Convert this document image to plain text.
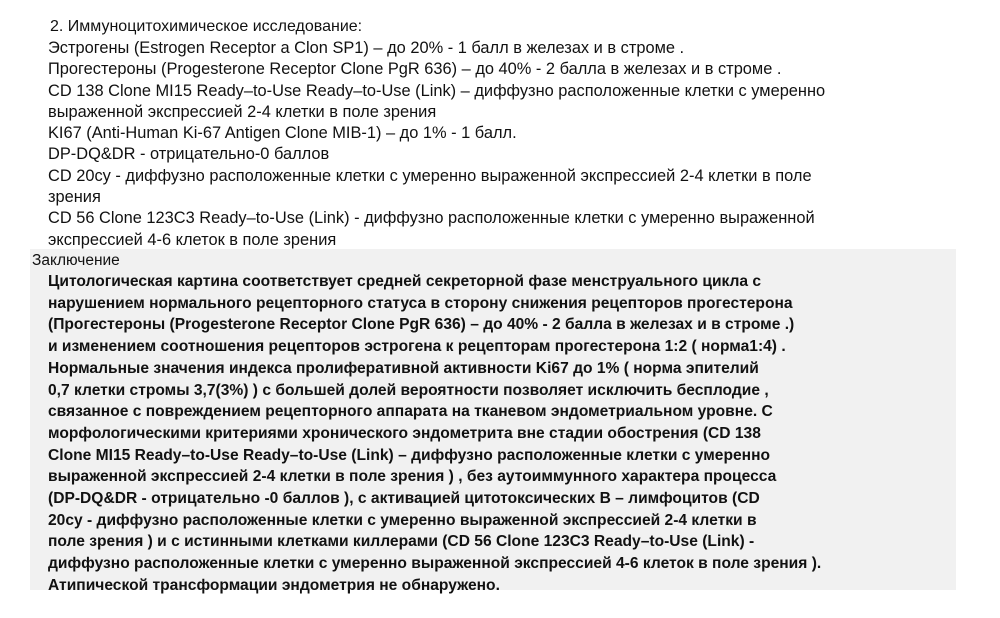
2. Иммуноцитохимическое исследование:
Эстрогены (Estrogen Receptor a Clon SP1) – до 20% - 1 балл в железах и в строме .
Прогестероны (Progesterone Receptor Clone PgR 636) – до 40% - 2 балла в железах и в строме .
CD 138 Clone MI15 Ready–to-Use Ready–to-Use (Link) – диффузно расположенные клетки с умеренно
выраженной экспрессией 2-4 клетки в поле зрения
KI67 (Anti-Human Ki-67 Antigen Clone MIB-1) – до 1% - 1 балл.
DP-DQ&DR - отрицательно-0 баллов
CD 20cy - диффузно расположенные клетки с умеренно выраженной экспрессией 2-4 клетки в поле
зрения
CD 56 Clone 123C3 Ready–to-Use (Link) - диффузно расположенные клетки с умеренно выраженной
экспрессией 4-6 клеток в поле зрения
Заключение
Цитологическая картина соответствует средней секреторной фазе менструального цикла с
нарушением нормального рецепторного статуса в сторону снижения рецепторов прогестерона
(Прогестероны (Progesterone Receptor Clone PgR 636) – до 40% - 2 балла в железах и в строме .)
и изменением соотношения рецепторов эстрогена к рецепторам прогестерона 1:2 ( норма1:4) .
Нормальные значения индекса пролиферативной активности Ki67 до 1% ( норма эпителий
0,7 клетки стромы 3,7(3%) ) с большей долей вероятности позволяет исключить бесплодие ,
связанное с повреждением рецепторного аппарата на тканевом эндометриальном уровне. С
морфологическими критериями хронического эндометрита вне стадии обострения (CD 138
Clone MI15 Ready–to-Use Ready–to-Use (Link) – диффузно расположенные клетки с умеренно
выраженной экспрессией 2-4 клетки в поле зрения ) , без аутоиммунного характера процесса
(DP-DQ&DR - отрицательно -0 баллов ), с активацией цитотоксических В – лимфоцитов (CD
20cy - диффузно расположенные клетки с умеренно выраженной экспрессией 2-4 клетки в
поле зрения ) и с истинными клетками киллерами (CD 56 Clone 123C3 Ready–to-Use (Link) -
диффузно расположенные клетки с умеренно выраженной экспрессией 4-6 клеток в поле зрения ).
Атипической трансформации эндометрия не обнаружено.
